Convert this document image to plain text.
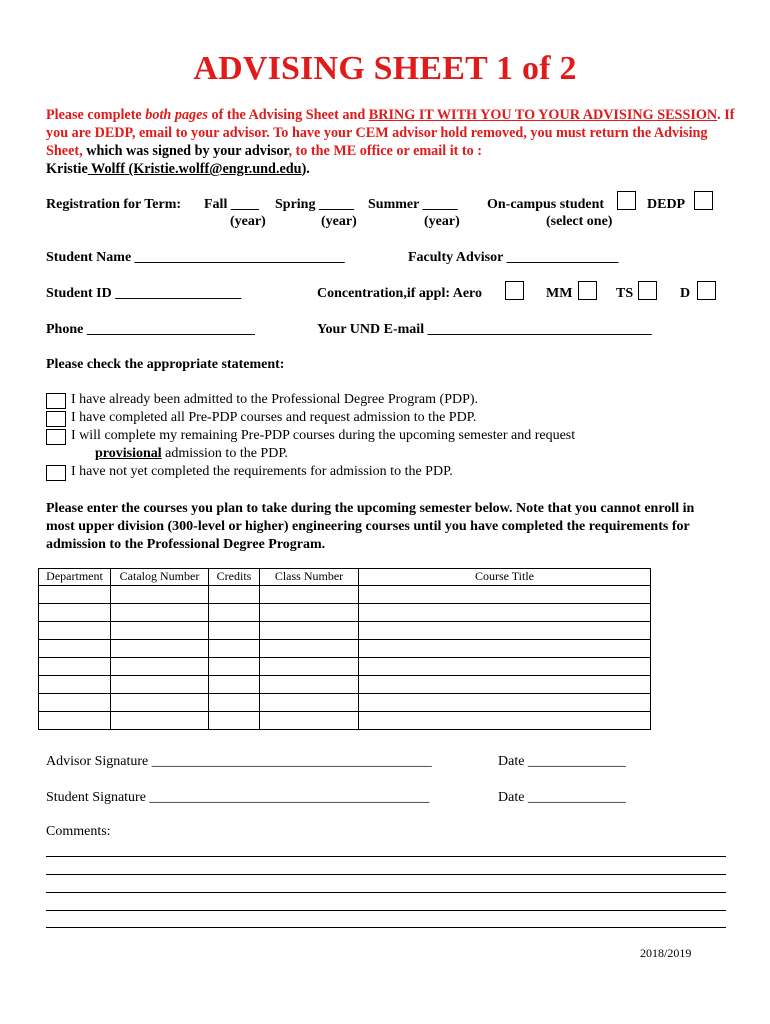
ADVISING SHEET 1 of 2
Please complete both pages of the Advising Sheet and BRING IT WITH YOU TO YOUR ADVISING SESSION. If you are DEDP, email to your advisor. To have your CEM advisor hold removed, you must return the Advising Sheet, which was signed by your advisor, to the ME office or email it to :
Kristie Wolff (Kristie.wolff@engr.und.edu).
Registration for Term: Fall ____ Spring _____ Summer _____
(year)	(year)	(year)
On-campus student
(select one)
DEDP
Student Name ______________________________	Faculty Advisor ________________
Student ID __________________	Concentration,if appl: Aero	MM	TS	D
Phone ________________________	Your UND E-mail ________________________________
Please check the appropriate statement:
I have already been admitted to the Professional Degree Program (PDP).
I have completed all Pre-PDP courses and request admission to the PDP.
I will complete my remaining Pre-PDP courses during the upcoming semester and request
provisional admission to the PDP.
I have not yet completed the requirements for admission to the PDP.
Please enter the courses you plan to take during the upcoming semester below. Note that you cannot enroll in most upper division (300-level or higher) engineering courses until you have completed the requirements for admission to the Professional Degree Program.
Department	Catalog Number	Credits	Class Number	Course Title

Advisor Signature ________________________________________	Date ______________
Student Signature ________________________________________	Date ______________
Comments:
2018/2019
